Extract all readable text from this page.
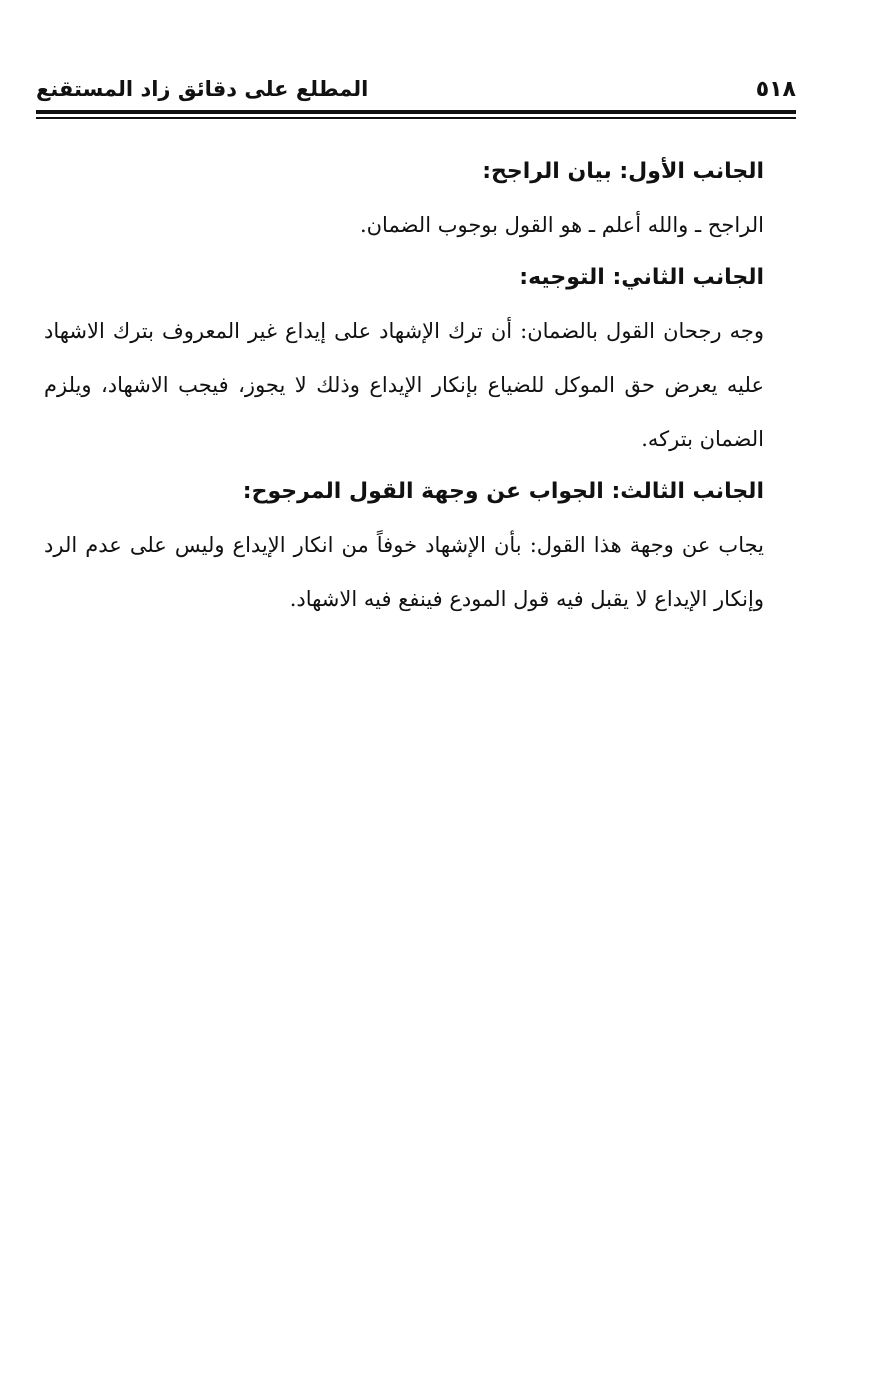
٥١٨
المطلع على دقائق زاد المستقنع

الجانب الأول: بيان الراجح:

الراجح ـ والله أعلم ـ هو القول بوجوب الضمان.

الجانب الثاني: التوجيه:

وجه رجحان القول بالضمان: أن ترك الإشهاد على إيداع غير المعروف بترك الاشهاد عليه يعرض حق الموكل للضياع بإنكار الإيداع وذلك لا يجوز، فيجب الاشهاد، ويلزم الضمان بتركه.

الجانب الثالث: الجواب عن وجهة القول المرجوح:

يجاب عن وجهة هذا القول: بأن الإشهاد خوفاً من انكار الإيداع وليس على عدم الرد وإنكار الإيداع لا يقبل فيه قول المودع فينفع فيه الاشهاد.
